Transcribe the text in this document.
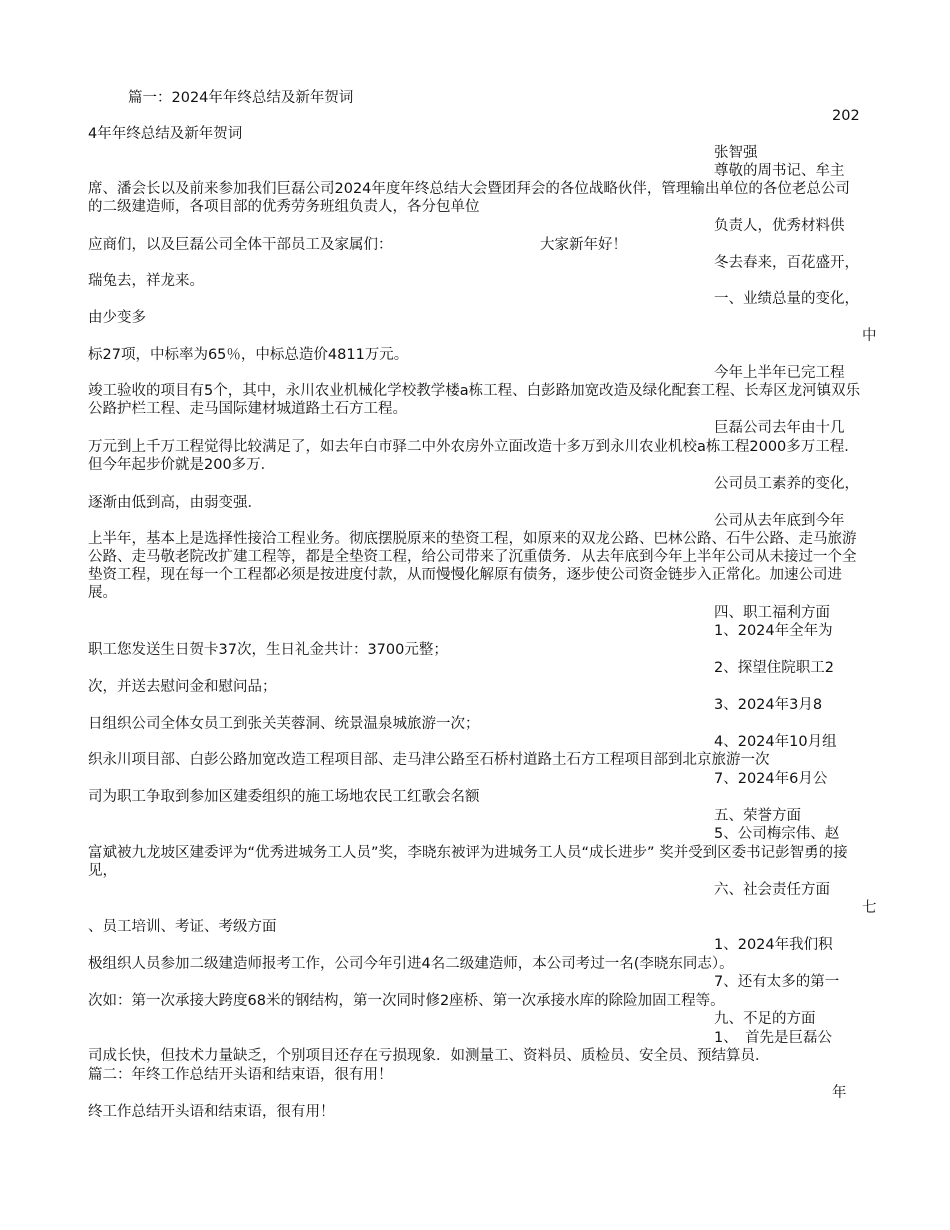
篇一：2024年年终总结及新年贺词
202
4年年终总结及新年贺词
张智强
尊敬的周书记、牟主
席、潘会长以及前来参加我们巨磊公司2024年度年终总结大会暨团拜会的各位战略伙伴，管理输出单位的各位老总公司的二级建造师，各项目部的优秀劳务班组负责人，各分包单位
负责人，优秀材料供
应商们，以及巨磊公司全体干部员工及家属们：	大家新年好！
冬去春来，百花盛开，
瑞兔去，祥龙来。
一、业绩总量的变化，
由少变多
中
标27项，中标率为65％，中标总造价4811万元。
今年上半年已完工程
竣工验收的项目有5个，其中，永川农业机械化学校教学楼a栋工程、白彭路加宽改造及绿化配套工程、长寿区龙河镇双乐公路护栏工程、走马国际建材城道路土石方工程。
巨磊公司去年由十几
万元到上千万工程觉得比较满足了，如去年白市驿二中外农房外立面改造十多万到永川农业机校a栋工程2000多万工程．但今年起步价就是200多万．
公司员工素养的变化，
逐渐由低到高，由弱变强．
公司从去年底到今年
上半年，基本上是选择性接洽工程业务。彻底摆脱原来的垫资工程，如原来的双龙公路、巴林公路、石牛公路、走马旅游公路、走马敬老院改扩建工程等，都是全垫资工程，给公司带来了沉重债务．从去年底到今年上半年公司从未接过一个全垫资工程，现在每一个工程都必须是按进度付款，从而慢慢化解原有债务，逐步使公司资金链步入正常化。加速公司进展。
四、职工福利方面
1、2024年全年为
职工您发送生日贺卡37次，生日礼金共计：3700元整；
2、探望住院职工2
次，并送去慰问金和慰问品；
3、2024年3月8
日组织公司全体女员工到张关芙蓉洞、统景温泉城旅游一次；
4、2024年10月组
织永川项目部、白彭公路加宽改造工程项目部、走马津公路至石桥村道路土石方工程项目部到北京旅游一次
7、2024年6月公
司为职工争取到参加区建委组织的施工场地农民工红歌会名额
五、荣誉方面
5、公司梅宗伟、赵
富斌被九龙坡区建委评为“优秀进城务工人员”奖，李晓东被评为进城务工人员“成长进步” 奖并受到区委书记彭智勇的接见，
六、社会责任方面
七
、员工培训、考证、考级方面
1、2024年我们积
极组织人员参加二级建造师报考工作，公司今年引进4名二级建造师，本公司考过一名(李晓东同志）。
7、还有太多的第一
次如：第一次承接大跨度68米的钢结构，第一次同时修2座桥、第一次承接水库的除险加固工程等。
九、不足的方面
1、　首先是巨磊公
司成长快，但技术力量缺乏，个别项目还存在亏损现象．如测量工、资料员、质检员、安全员、预结算员．
篇二：年终工作总结开头语和结束语，很有用！
年
终工作总结开头语和结束语，很有用！
